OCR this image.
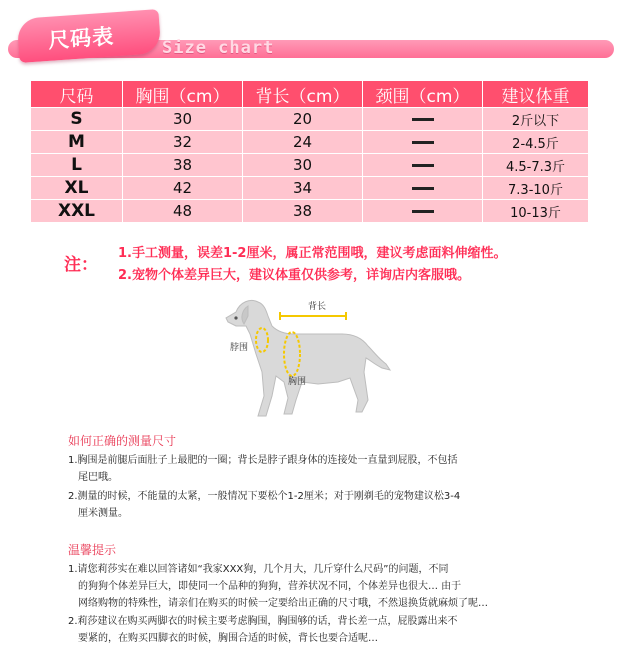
尺码表	Size chart
尺码	胸围（cm）	背长（cm）	颈围（cm）	建议体重
S	30	20		2斤以下
M	32	24		2-4.5斤
L	38	30		4.5-7.3斤
XL	42	34		7.3-10斤
XXL	48	38		10-13斤
注：
1.手工测量，误差1-2厘米，属正常范围哦，建议考虑面料伸缩性。
2.宠物个体差异巨大，建议体重仅供参考，详询店内客服哦。
背长
脖围
胸围
如何正确的测量尺寸
1.胸围是前腿后面肚子上最肥的一圈；背长是脖子跟身体的连接处一直量到屁股，不包括
尾巴哦。
2.测量的时候，不能量的太紧，一般情况下要松个1-2厘米；对于刚剃毛的宠物建议松3-4
厘米测量。
温馨提示
1.请您莉莎实在难以回答诸如“我家XXX狗，几个月大，几斤穿什么尺码”的问题，不同
的狗狗个体差异巨大，即使同一个品种的狗狗，营养状况不同，个体差异也很大… 由于
网络购物的特殊性，请亲们在购买的时候一定要给出正确的尺寸哦，不然退换货就麻烦了呢…
2.莉莎建议在购买两脚衣的时候主要考虑胸围，胸围够的话，背长差一点，屁股露出来不
要紧的，在购买四脚衣的时候，胸围合适的时候，背长也要合适呢…
